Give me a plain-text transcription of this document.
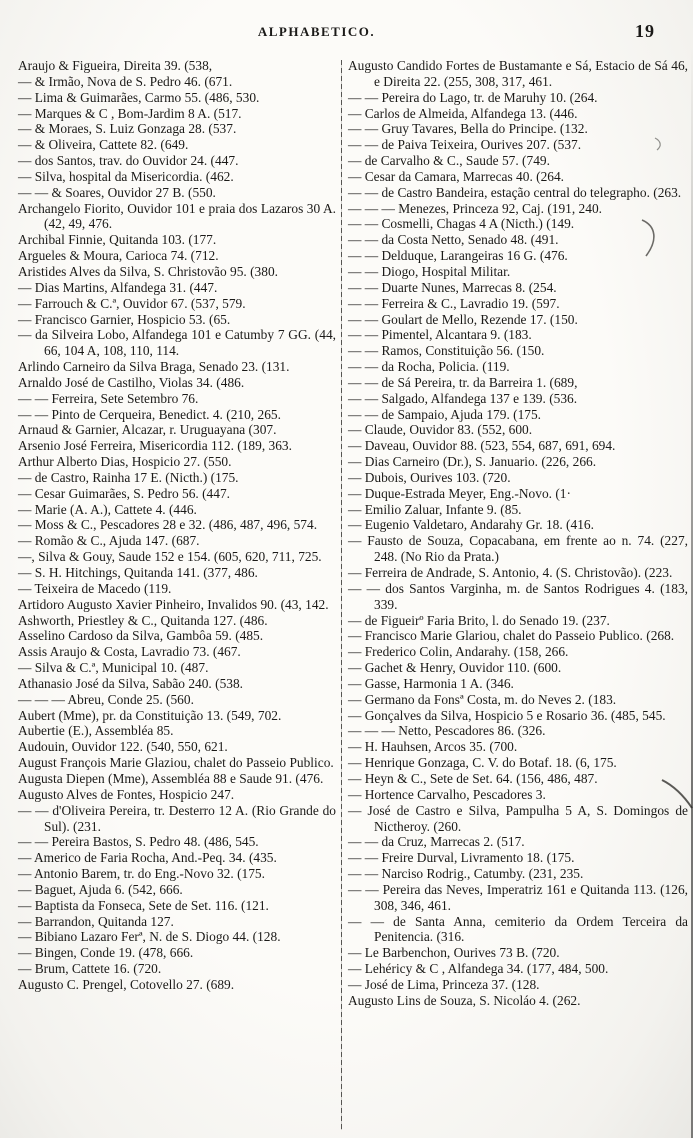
ALPHABETICO.	19

Araujo & Figueira, Direita 39. (538,

— & Irmão, Nova de S. Pedro 46. (671.

— Lima & Guimarães, Carmo 55. (486, 530.

— Marques & C , Bom-Jardim 8 A. (517.

— & Moraes, S. Luiz Gonzaga 28. (537.

— & Oliveira, Cattete 82. (649.

— dos Santos, trav. do Ouvidor 24. (447.

— Silva, hospital da Misericordia. (462.

— — & Soares, Ouvidor 27 B. (550.

Archangelo Fiorito, Ouvidor 101 e praia dos Lazaros 30 A. (42, 49, 476.

Archibal Finnie, Quitanda 103. (177.

Argueles & Moura, Carioca 74. (712.

Aristides Alves da Silva, S. Christovão 95. (380.

— Dias Martins, Alfandega 31. (447.

— Farrouch & C.ª, Ouvidor 67. (537, 579.

— Francisco Garnier, Hospicio 53. (65.

— da Silveira Lobo, Alfandega 101 e Catumby 7 GG. (44, 66, 104 A, 108, 110, 114.

Arlindo Carneiro da Silva Braga, Senado 23. (131.

Arnaldo José de Castilho, Violas 34. (486.

— — Ferreira, Sete Setembro 76.

— — Pinto de Cerqueira, Benedict. 4. (210, 265.

Arnaud & Garnier, Alcazar, r. Uruguayana (307.

Arsenio José Ferreira, Misericordia 112. (189, 363.

Arthur Alberto Dias, Hospicio 27. (550.

— de Castro, Rainha 17 E. (Nicth.) (175.

— Cesar Guimarães, S. Pedro 56. (447.

— Marie (A. A.), Cattete 4. (446.

— Moss & C., Pescadores 28 e 32. (486, 487, 496, 574.

— Romão & C., Ajuda 147. (687.

—, Silva & Gouy, Saude 152 e 154. (605, 620, 711, 725.

— S. H. Hitchings, Quitanda 141. (377, 486.

— Teixeira de Macedo (119.

Artidoro Augusto Xavier Pinheiro, Invalidos 90. (43, 142.

Ashworth, Priestley & C., Quitanda 127. (486.

Asselino Cardoso da Silva, Gambôa 59. (485.

Assis Araujo & Costa, Lavradio 73. (467.

— Silva & C.ª, Municipal 10. (487.

Athanasio José da Silva, Sabão 240. (538.

— — — Abreu, Conde 25. (560.

Aubert (Mme), pr. da Constituição 13. (549, 702.

Aubertie (E.), Assembléa 85.

Audouin, Ouvidor 122. (540, 550, 621.

August François Marie Glaziou, chalet do Passeio Publico.

Augusta Diepen (Mme), Assembléa 88 e Saude 91. (476.

Augusto Alves de Fontes, Hospicio 247.

— — d'Oliveira Pereira, tr. Desterro 12 A. (Rio Grande do Sul). (231.

— — Pereira Bastos, S. Pedro 48. (486, 545.

— Americo de Faria Rocha, And.-Peq. 34. (435.

— Antonio Barem, tr. do Eng.-Novo 32. (175.

— Baguet, Ajuda 6. (542, 666.

— Baptista da Fonseca, Sete de Set. 116. (121.

— Barrandon, Quitanda 127.

— Bibiano Lazaro Ferª, N. de S. Diogo 44. (128.

— Bingen, Conde 19. (478, 666.

— Brum, Cattete 16. (720.

Augusto C. Prengel, Cotovello 27. (689.

Augusto Candido Fortes de Bustamante e Sá, Estacio de Sá 46, e Direita 22. (255, 308, 317, 461.

— — Pereira do Lago, tr. de Maruhy 10. (264.

— Carlos de Almeida, Alfandega 13. (446.

— — Gruy Tavares, Bella do Principe. (132.

— — de Paiva Teixeira, Ourives 207. (537.

— de Carvalho & C., Saude 57. (749.

— Cesar da Camara, Marrecas 40. (264.

— — de Castro Bandeira, estação central do telegrapho. (263.

— — — Menezes, Princeza 92, Caj. (191, 240.

— — Cosmelli, Chagas 4 A (Nicth.) (149.

— — da Costa Netto, Senado 48. (491.

— — Delduque, Larangeiras 16 G. (476.

— — Diogo, Hospital Militar.

— — Duarte Nunes, Marrecas 8. (254.

— — Ferreira & C., Lavradio 19. (597.

— — Goulart de Mello, Rezende 17. (150.

— — Pimentel, Alcantara 9. (183.

— — Ramos, Constituição 56. (150.

— — da Rocha, Policia. (119.

— — de Sá Pereira, tr. da Barreira 1. (689,

— — Salgado, Alfandega 137 e 139. (536.

— — de Sampaio, Ajuda 179. (175.

— Claude, Ouvidor 83. (552, 600.

— Daveau, Ouvidor 88. (523, 554, 687, 691, 694.

— Dias Carneiro (Dr.), S. Januario. (226, 266.

— Dubois, Ourives 103. (720.

— Duque-Estrada Meyer, Eng.-Novo. (1·

— Emilio Zaluar, Infante 9. (85.

— Eugenio Valdetaro, Andarahy Gr. 18. (416.

— Fausto de Souza, Copacabana, em frente ao n. 74. (227, 248. (No Rio da Prata.)

— Ferreira de Andrade, S. Antonio, 4. (S. Christovão). (223.

— — dos Santos Varginha, m. de Santos Rodrigues 4. (183, 339.

— de Figueirº Faria Brito, l. do Senado 19. (237.

— Francisco Marie Glariou, chalet do Passeio Publico. (268.

— Frederico Colin, Andarahy. (158, 266.

— Gachet & Henry, Ouvidor 110. (600.

— Gasse, Harmonia 1 A. (346.

— Germano da Fonsª Costa, m. do Neves 2. (183.

— Gonçalves da Silva, Hospicio 5 e Rosario 36. (485, 545.

— — — Netto, Pescadores 86. (326.

— H. Hauhsen, Arcos 35. (700.

— Henrique Gonzaga, C. V. do Botaf. 18. (6, 175.

— Heyn & C., Sete de Set. 64. (156, 486, 487.

— Hortence Carvalho, Pescadores 3.

— José de Castro e Silva, Pampulha 5 A, S. Domingos de Nictheroy. (260.

— — da Cruz, Marrecas 2. (517.

— — Freire Durval, Livramento 18. (175.

— — Narciso Rodrig., Catumby. (231, 235.

— — Pereira das Neves, Imperatriz 161 e Quitanda 113. (126, 308, 346, 461.

— — de Santa Anna, cemiterio da Ordem Terceira da Penitencia. (316.

— Le Barbenchon, Ourives 73 B. (720.

— Lehéricy & C , Alfandega 34. (177, 484, 500.

— José de Lima, Princeza 37. (128.

Augusto Lins de Souza, S. Nicoláo 4. (262.
